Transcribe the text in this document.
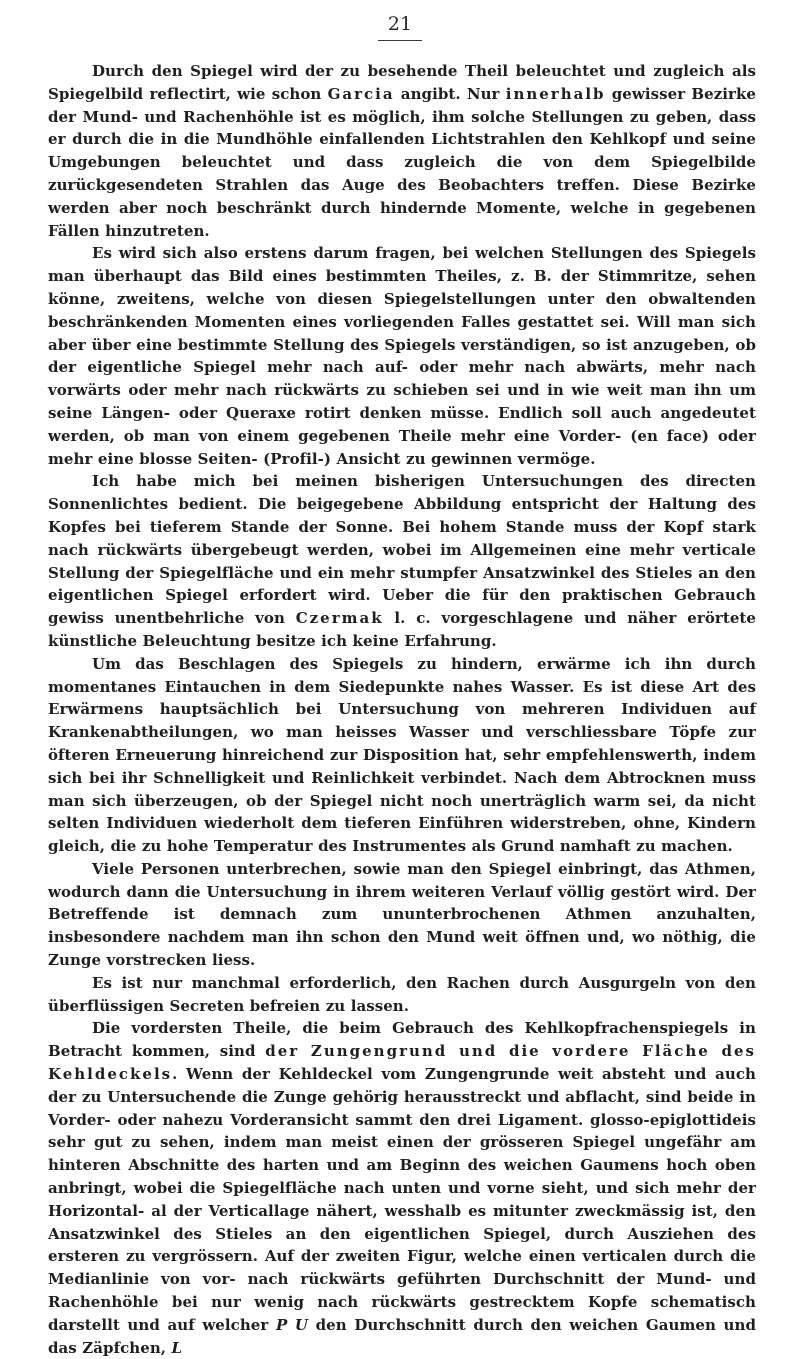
21

Durch den Spiegel wird der zu besehende Theil beleuchtet und zugleich als Spiegelbild reflectirt, wie schon Garcia angibt. Nur innerhalb gewisser Bezirke der Mund- und Rachenhöhle ist es möglich, ihm solche Stellungen zu geben, dass er durch die in die Mundhöhle einfallenden Lichtstrahlen den Kehlkopf und seine Umgebungen beleuchtet und dass zugleich die von dem Spiegelbilde zurückgesendeten Strahlen das Auge des Beobachters treffen. Diese Bezirke werden aber noch beschränkt durch hindernde Momente, welche in gegebenen Fällen hinzutreten.

Es wird sich also erstens darum fragen, bei welchen Stellungen des Spiegels man überhaupt das Bild eines bestimmten Theiles, z. B. der Stimmritze, sehen könne, zweitens, welche von diesen Spiegelstellungen unter den obwaltenden beschränkenden Momenten eines vorliegenden Falles gestattet sei. Will man sich aber über eine bestimmte Stellung des Spiegels verständigen, so ist anzugeben, ob der eigentliche Spiegel mehr nach auf- oder mehr nach abwärts, mehr nach vorwärts oder mehr nach rückwärts zu schieben sei und in wie weit man ihn um seine Längen- oder Queraxe rotirt denken müsse. Endlich soll auch angedeutet werden, ob man von einem gegebenen Theile mehr eine Vorder- (en face) oder mehr eine blosse Seiten- (Profil-) Ansicht zu gewinnen vermöge.

Ich habe mich bei meinen bisherigen Untersuchungen des directen Sonnenlichtes bedient. Die beigegebene Abbildung entspricht der Haltung des Kopfes bei tieferem Stande der Sonne. Bei hohem Stande muss der Kopf stark nach rückwärts übergebeugt werden, wobei im Allgemeinen eine mehr verticale Stellung der Spiegelfläche und ein mehr stumpfer Ansatzwinkel des Stieles an den eigentlichen Spiegel erfordert wird. Ueber die für den praktischen Gebrauch gewiss unentbehrliche von Czermak l. c. vorgeschlagene und näher erörtete künstliche Beleuchtung besitze ich keine Erfahrung.

Um das Beschlagen des Spiegels zu hindern, erwärme ich ihn durch momentanes Eintauchen in dem Siedepunkte nahes Wasser. Es ist diese Art des Erwärmens hauptsächlich bei Untersuchung von mehreren Individuen auf Krankenabtheilungen, wo man heisses Wasser und verschliessbare Töpfe zur öfteren Erneuerung hinreichend zur Disposition hat, sehr empfehlenswerth, indem sich bei ihr Schnelligkeit und Reinlichkeit verbindet. Nach dem Abtrocknen muss man sich überzeugen, ob der Spiegel nicht noch unerträglich warm sei, da nicht selten Individuen wiederholt dem tieferen Einführen widerstreben, ohne, Kindern gleich, die zu hohe Temperatur des Instrumentes als Grund namhaft zu machen.

Viele Personen unterbrechen, sowie man den Spiegel einbringt, das Athmen, wodurch dann die Untersuchung in ihrem weiteren Verlauf völlig gestört wird. Der Betreffende ist demnach zum ununterbrochenen Athmen anzuhalten, insbesondere nachdem man ihn schon den Mund weit öffnen und, wo nöthig, die Zunge vorstrecken liess.

Es ist nur manchmal erforderlich, den Rachen durch Ausgurgeln von den überflüssigen Secreten befreien zu lassen.

Die vordersten Theile, die beim Gebrauch des Kehlkopfrachenspiegels in Betracht kommen, sind der Zungengrund und die vordere Fläche des Kehldeckels. Wenn der Kehldeckel vom Zungengrunde weit absteht und auch der zu Untersuchende die Zunge gehörig herausstreckt und abflacht, sind beide in Vorder- oder nahezu Vorderansicht sammt den drei Ligament. glosso-epiglottideis sehr gut zu sehen, indem man meist einen der grösseren Spiegel ungefähr am hinteren Abschnitte des harten und am Beginn des weichen Gaumens hoch oben anbringt, wobei die Spiegelfläche nach unten und vorne sieht, und sich mehr der Horizontal- al der Verticallage nähert, wesshalb es mitunter zweckmässig ist, den Ansatzwinkel des Stieles an den eigentlichen Spiegel, durch Ausziehen des ersteren zu vergrössern. Auf der zweiten Figur, welche einen verticalen durch die Medianlinie von vor- nach rückwärts geführten Durchschnitt der Mund- und Rachenhöhle bei nur wenig nach rückwärts gestrecktem Kopfe schematisch darstellt und auf welcher P U den Durchschnitt durch den weichen Gaumen und das Zäpfchen, L
